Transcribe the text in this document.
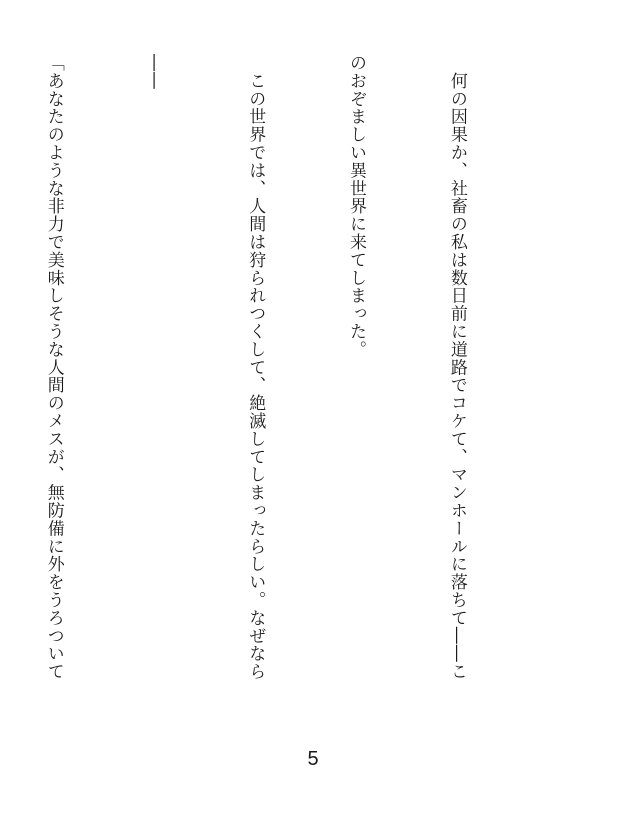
　何の因果か、社畜の私は数日前に道路でコケて、マンホールに落ちて――こ

のおぞましい異世界に来てしまった。

　この世界では、人間は狩られつくして、絶滅してしまったらしい。なぜなら

――

「あなたのような非力で美味しそうな人間のメスが、無防備に外をうろついて

5
